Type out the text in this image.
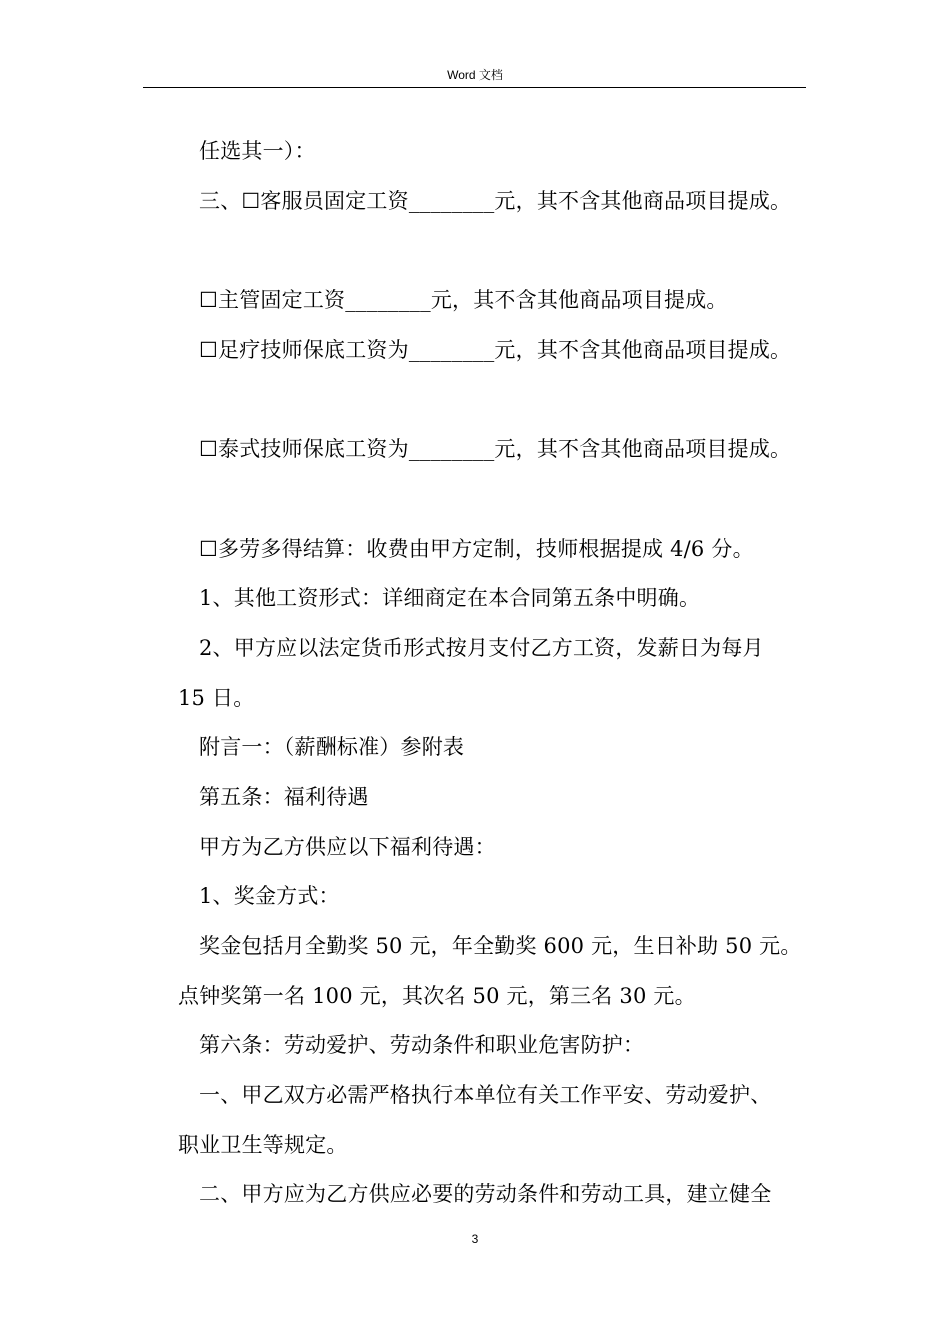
Word 文档
任选其一）：
三、☐客服员固定工资________元，其不含其他商品项目提成。
☐主管固定工资________元，其不含其他商品项目提成。
☐足疗技师保底工资为________元，其不含其他商品项目提成。
☐泰式技师保底工资为________元，其不含其他商品项目提成。
☐多劳多得结算：收费由甲方定制，技师根据提成 4/6 分。
1、其他工资形式：详细商定在本合同第五条中明确。
2、甲方应以法定货币形式按月支付乙方工资，发薪日为每月
15 日。
附言一：（薪酬标准）参附表
第五条：福利待遇
甲方为乙方供应以下福利待遇：
1、奖金方式：
奖金包括月全勤奖 50 元，年全勤奖 600 元，生日补助 50 元。
点钟奖第一名 100 元，其次名 50 元，第三名 30 元。
第六条：劳动爱护、劳动条件和职业危害防护：
一、甲乙双方必需严格执行本单位有关工作平安、劳动爱护、
职业卫生等规定。
二、甲方应为乙方供应必要的劳动条件和劳动工具，建立健全
3
